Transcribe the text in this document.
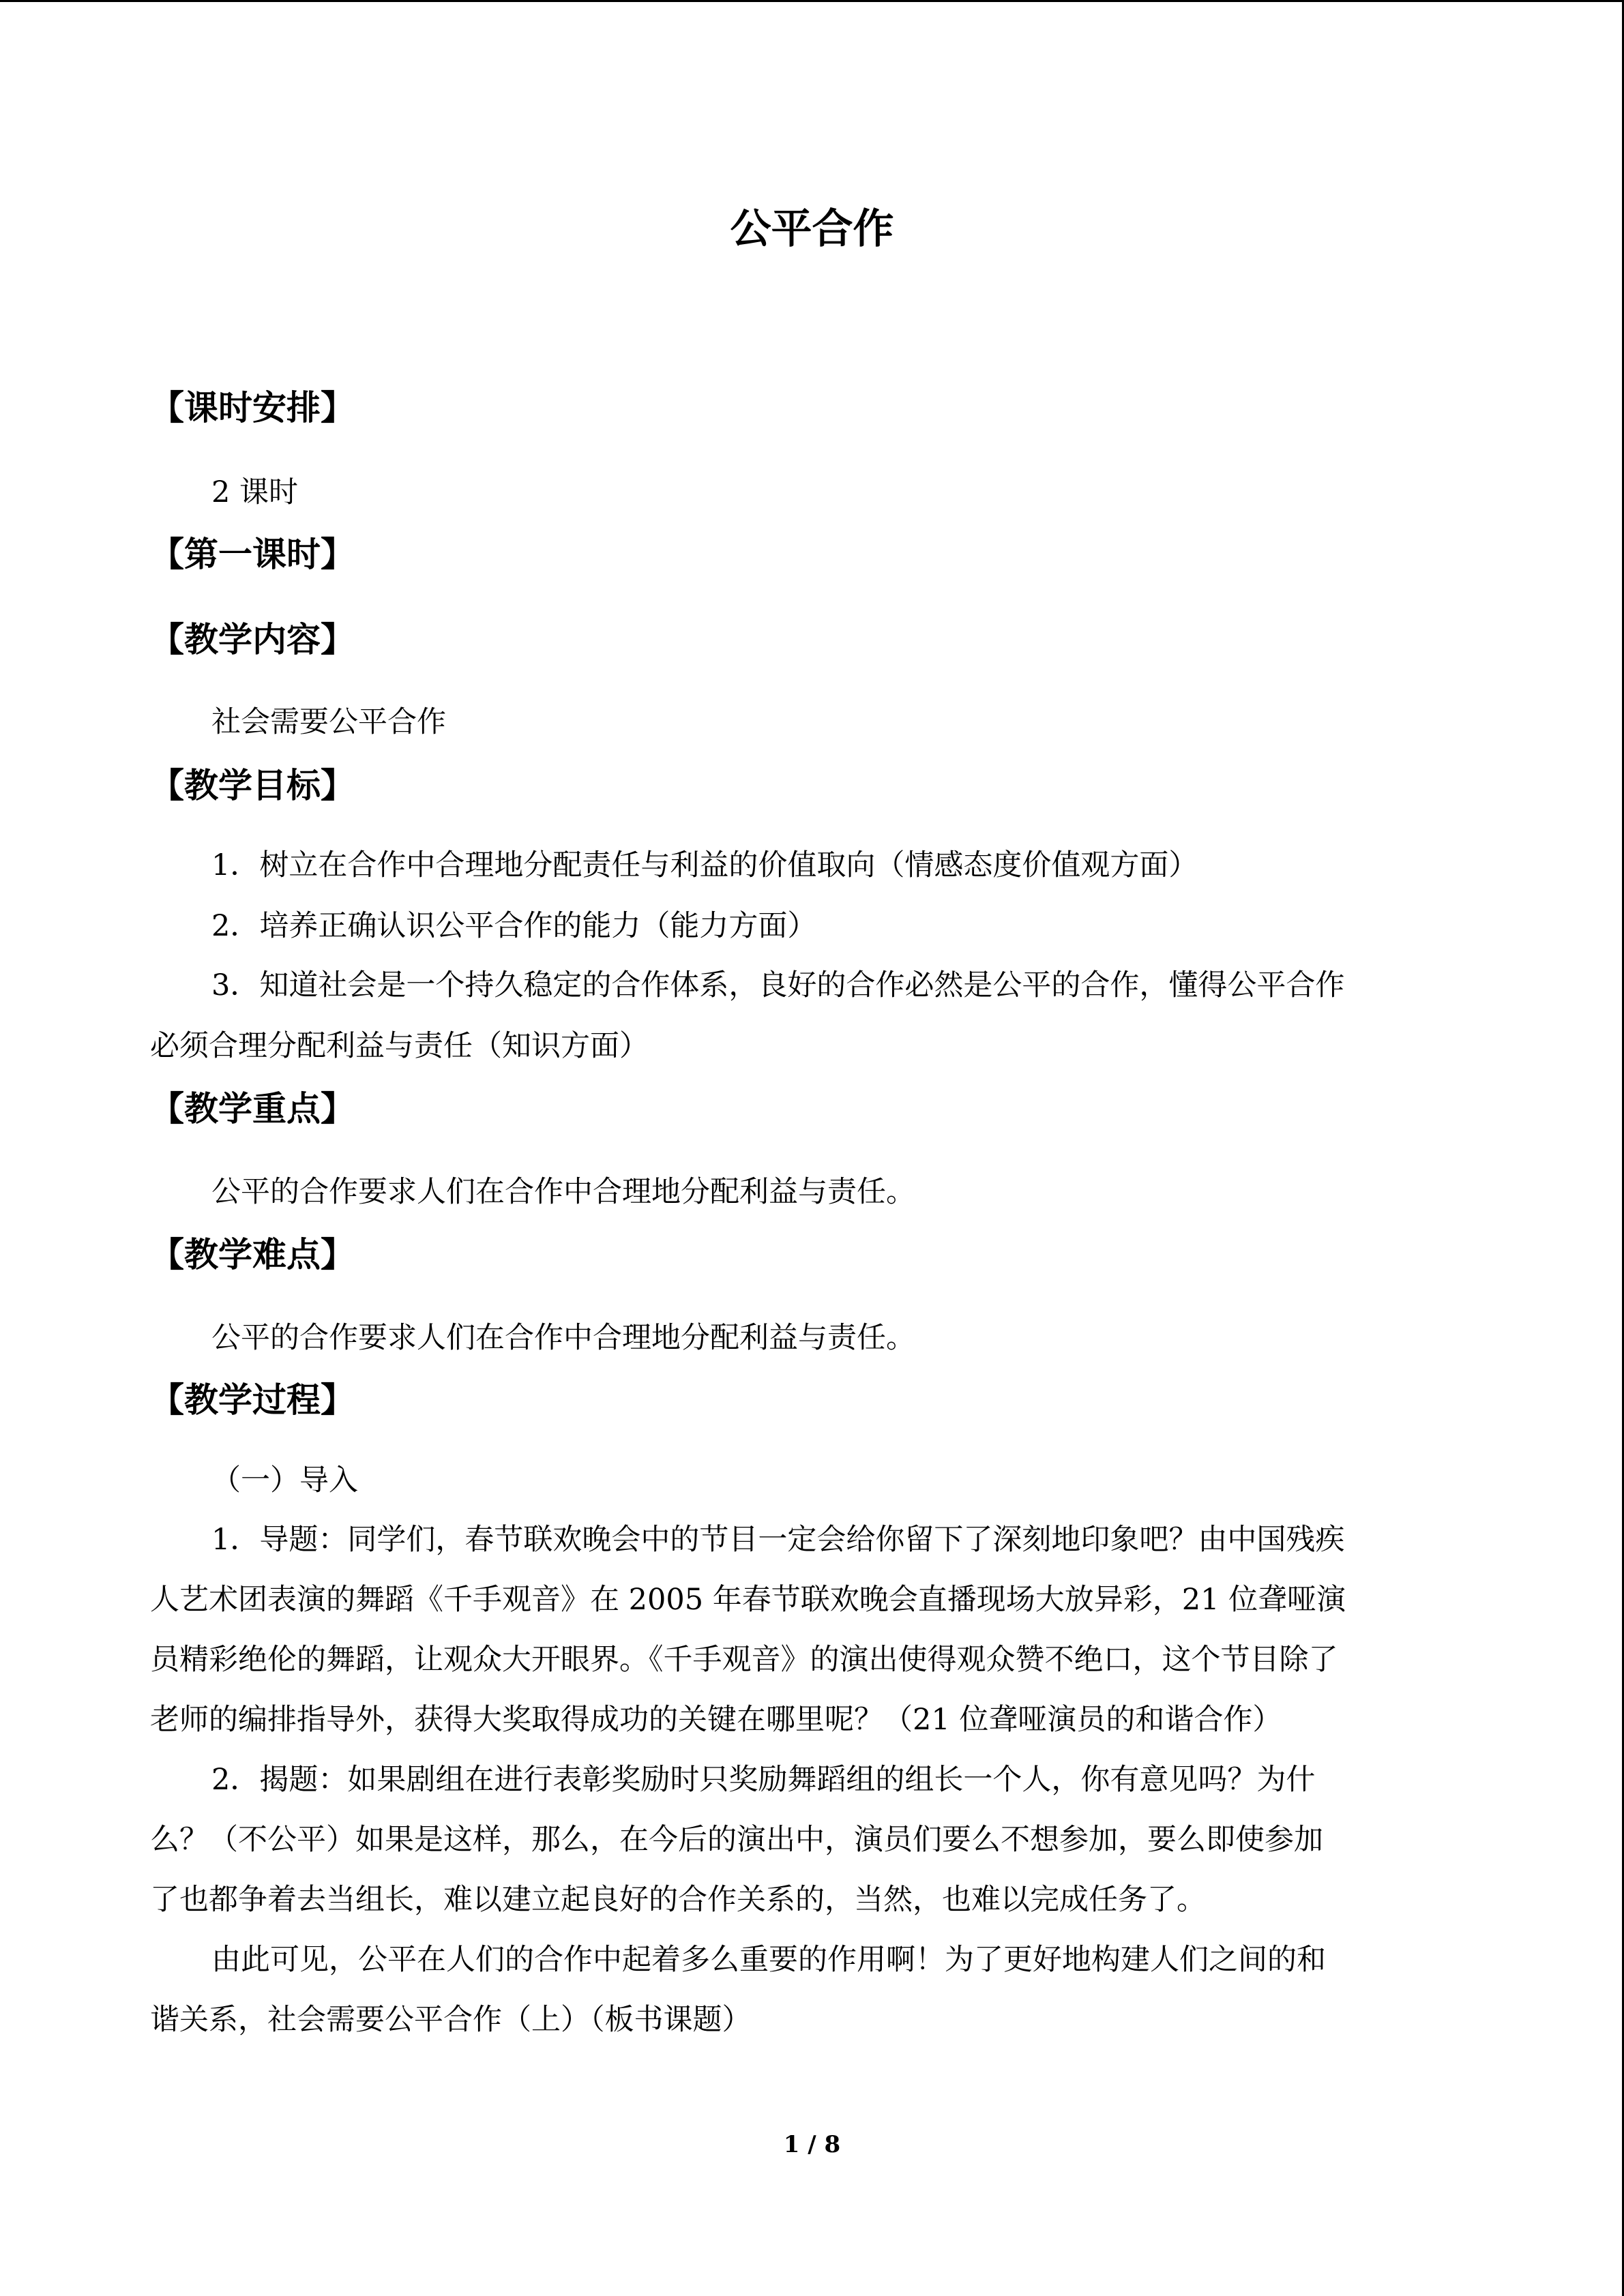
公平合作
【课时安排】
2 课时
【第一课时】
【教学内容】
社会需要公平合作
【教学目标】
1．树立在合作中合理地分配责任与利益的价值取向（情感态度价值观方面）
2．培养正确认识公平合作的能力（能力方面）
3．知道社会是一个持久稳定的合作体系，良好的合作必然是公平的合作，懂得公平合作
必须合理分配利益与责任（知识方面）
【教学重点】
公平的合作要求人们在合作中合理地分配利益与责任。
【教学难点】
公平的合作要求人们在合作中合理地分配利益与责任。
【教学过程】
（一）导入
1．导题：同学们，春节联欢晚会中的节目一定会给你留下了深刻地印象吧？由中国残疾
人艺术团表演的舞蹈《千手观音》在 2005 年春节联欢晚会直播现场大放异彩，21 位聋哑演
员精彩绝伦的舞蹈，让观众大开眼界。《千手观音》的演出使得观众赞不绝口，这个节目除了
老师的编排指导外，获得大奖取得成功的关键在哪里呢？（21 位聋哑演员的和谐合作）
2．揭题：如果剧组在进行表彰奖励时只奖励舞蹈组的组长一个人，你有意见吗？为什
么？（不公平）如果是这样，那么，在今后的演出中，演员们要么不想参加，要么即使参加
了也都争着去当组长，难以建立起良好的合作关系的，当然，也难以完成任务了。
由此可见，公平在人们的合作中起着多么重要的作用啊！为了更好地构建人们之间的和
谐关系，社会需要公平合作（上）（板书课题）
1 / 8
